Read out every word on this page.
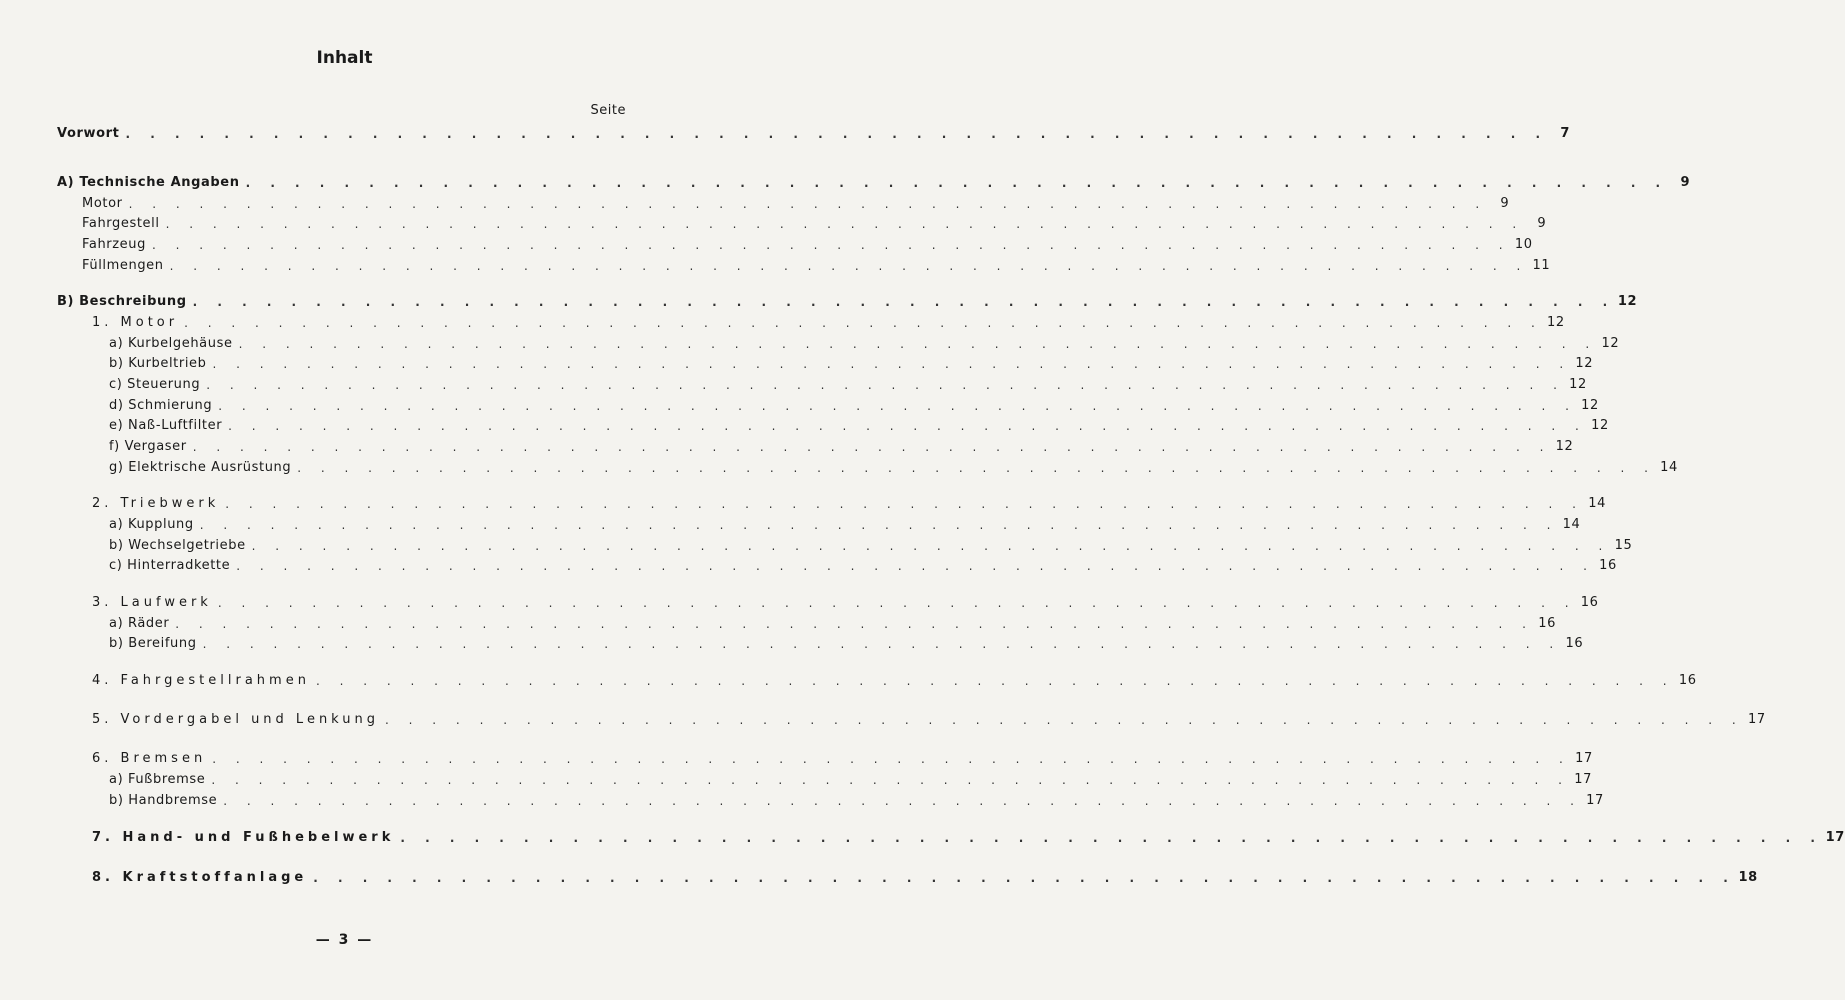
Inhalt
Seite
Vorwort . . . . . . . . . . . . . . . . . . . . . . . . . . . . . . . . . . . . . . . . . . . . . . . . . . . . . . . . . . 7
A) Technische Angaben . . . . . . . . . . . . . . . . . . . . . . . . . . . . . . . . . . . . . . . . . . . . . . . . . . . . . . . . . . 9
Motor . . . . . . . . . . . . . . . . . . . . . . . . . . . . . . . . . . . . . . . . . . . . . . . . . . . . . . . . . .	9
Fahrgestell . . . . . . . . . . . . . . . . . . . . . . . . . . . . . . . . . . . . . . . . . . . . . . . . . . . . . . . . . .	9
Fahrzeug . . . . . . . . . . . . . . . . . . . . . . . . . . . . . . . . . . . . . . . . . . . . . . . . . . . . . . . . . . 10
Füllmengen . . . . . . . . . . . . . . . . . . . . . . . . . . . . . . . . . . . . . . . . . . . . . . . . . . . . . . . . . . 11
B) Beschreibung . . . . . . . . . . . . . . . . . . . . . . . . . . . . . . . . . . . . . . . . . . . . . . . . . . . . . . . . . . 12
1. Motor . . . . . . . . . . . . . . . . . . . . . . . . . . . . . . . . . . . . . . . . . . . . . . . . . . . . . . . . . . 12
a) Kurbelgehäuse . . . . . . . . . . . . . . . . . . . . . . . . . . . . . . . . . . . . . . . . . . . . . . . . . . . . . . . . . . 12
b) Kurbeltrieb . . . . . . . . . . . . . . . . . . . . . . . . . . . . . . . . . . . . . . . . . . . . . . . . . . . . . . . . . . 12
c) Steuerung . . . . . . . . . . . . . . . . . . . . . . . . . . . . . . . . . . . . . . . . . . . . . . . . . . . . . . . . . . 12
d) Schmierung . . . . . . . . . . . . . . . . . . . . . . . . . . . . . . . . . . . . . . . . . . . . . . . . . . . . . . . . . . 12
e) Naß-Luftfilter . . . . . . . . . . . . . . . . . . . . . . . . . . . . . . . . . . . . . . . . . . . . . . . . . . . . . . . . . . 12
f) Vergaser . . . . . . . . . . . . . . . . . . . . . . . . . . . . . . . . . . . . . . . . . . . . . . . . . . . . . . . . . . 12
g) Elektrische Ausrüstung . . . . . . . . . . . . . . . . . . . . . . . . . . . . . . . . . . . . . . . . . . . . . . . . . . . . . . . . . . 14
2. Triebwerk . . . . . . . . . . . . . . . . . . . . . . . . . . . . . . . . . . . . . . . . . . . . . . . . . . . . . . . . . . 14
a) Kupplung . . . . . . . . . . . . . . . . . . . . . . . . . . . . . . . . . . . . . . . . . . . . . . . . . . . . . . . . . . 14
b) Wechselgetriebe . . . . . . . . . . . . . . . . . . . . . . . . . . . . . . . . . . . . . . . . . . . . . . . . . . . . . . . . . . 15
c) Hinterradkette . . . . . . . . . . . . . . . . . . . . . . . . . . . . . . . . . . . . . . . . . . . . . . . . . . . . . . . . . . 16
3. Laufwerk . . . . . . . . . . . . . . . . . . . . . . . . . . . . . . . . . . . . . . . . . . . . . . . . . . . . . . . . . . 16
a) Räder . . . . . . . . . . . . . . . . . . . . . . . . . . . . . . . . . . . . . . . . . . . . . . . . . . . . . . . . . . 16
b) Bereifung . . . . . . . . . . . . . . . . . . . . . . . . . . . . . . . . . . . . . . . . . . . . . . . . . . . . . . . . . . 16
4. Fahrgestellrahmen . . . . . . . . . . . . . . . . . . . . . . . . . . . . . . . . . . . . . . . . . . . . . . . . . . . . . . . . . . 16
5. Vordergabel und Lenkung . . . . . . . . . . . . . . . . . . . . . . . . . . . . . . . . . . . . . . . . . . . . . . . . . . . . . . . . . . 17
6. Bremsen . . . . . . . . . . . . . . . . . . . . . . . . . . . . . . . . . . . . . . . . . . . . . . . . . . . . . . . . . . 17
a) Fußbremse . . . . . . . . . . . . . . . . . . . . . . . . . . . . . . . . . . . . . . . . . . . . . . . . . . . . . . . . . . 17
b) Handbremse . . . . . . . . . . . . . . . . . . . . . . . . . . . . . . . . . . . . . . . . . . . . . . . . . . . . . . . . . . 17
7. Hand- und Fußhebelwerk . . . . . . . . . . . . . . . . . . . . . . . . . . . . . . . . . . . . . . . . . . . . . . . . . . . . . . . . . . 17
8. Kraftstoffanlage . . . . . . . . . . . . . . . . . . . . . . . . . . . . . . . . . . . . . . . . . . . . . . . . . . . . . . . . . . 18
— 3 —
